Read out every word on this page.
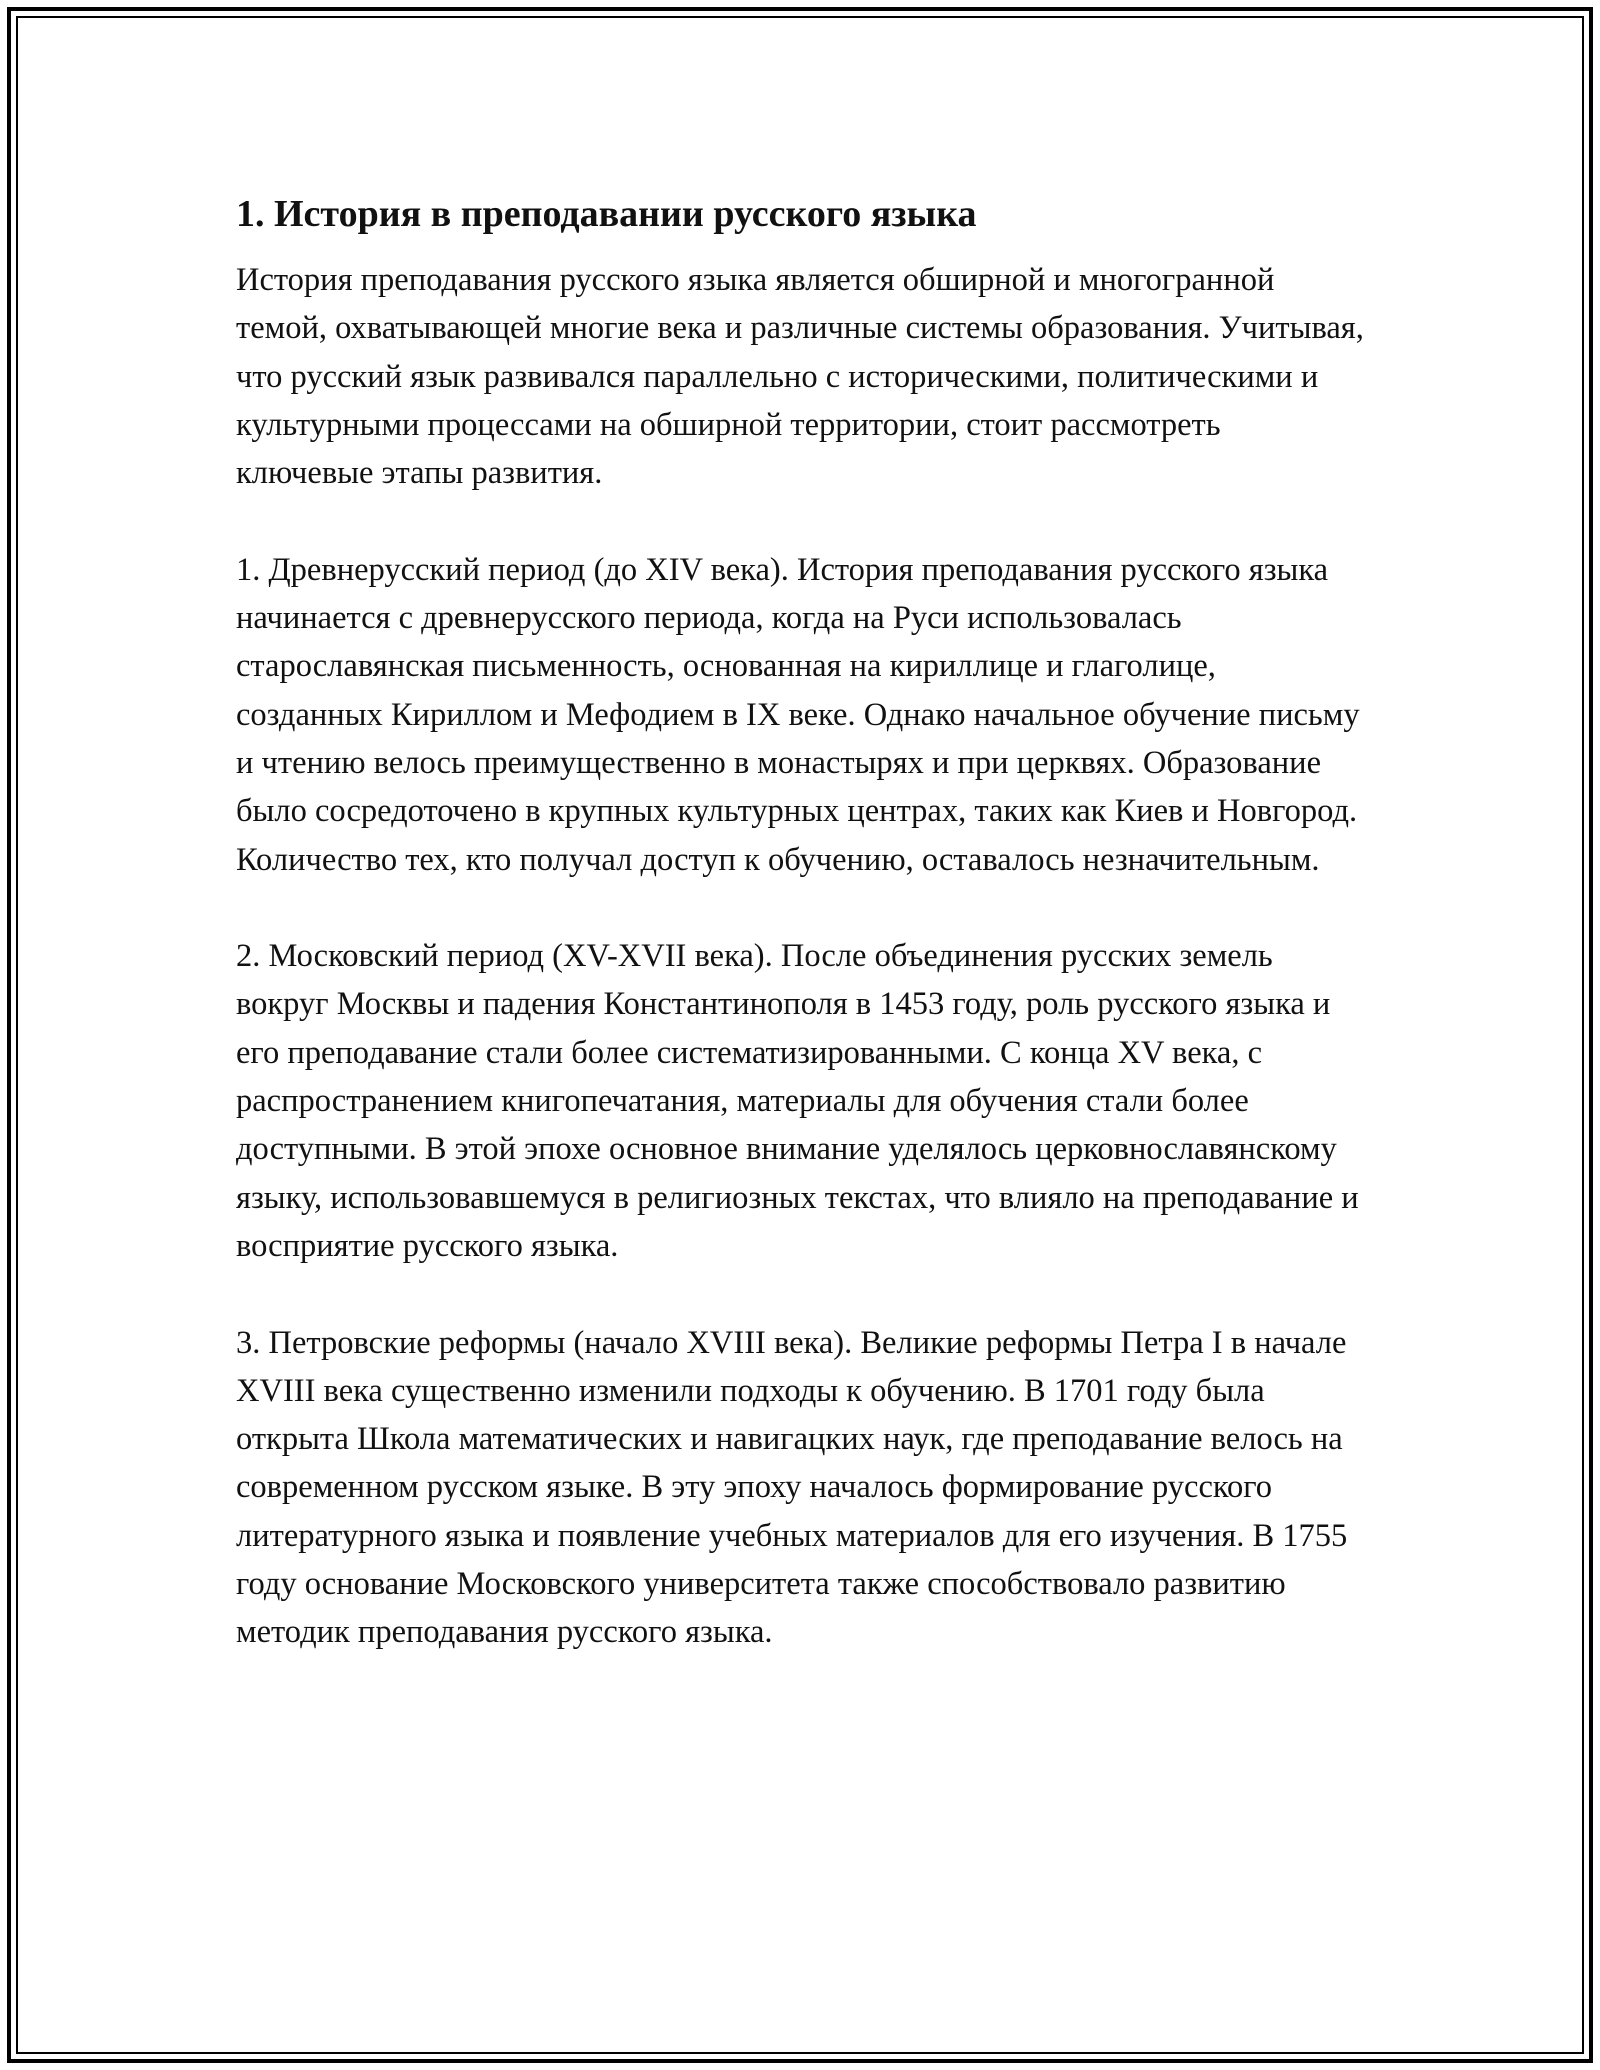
1. История в преподавании русского языка

История преподавания русского языка является обширной и многогранной темой, охватывающей многие века и различные системы образования. Учитывая, что русский язык развивался параллельно с историческими, политическими и культурными процессами на обширной территории, стоит рассмотреть ключевые этапы развития.

1. Древнерусский период (до XIV века). История преподавания русского языка начинается с древнерусского периода, когда на Руси использовалась старославянская письменность, основанная на кириллице и глаголице, созданных Кириллом и Мефодием в IX веке. Однако начальное обучение письму и чтению велось преимущественно в монастырях и при церквях. Образование было сосредоточено в крупных культурных центрах, таких как Киев и Новгород. Количество тех, кто получал доступ к обучению, оставалось незначительным.

2. Московский период (XV-XVII века). После объединения русских земель вокруг Москвы и падения Константинополя в 1453 году, роль русского языка и его преподавание стали более систематизированными. С конца XV века, с распространением книгопечатания, материалы для обучения стали более доступными. В этой эпохе основное внимание уделялось церковнославянскому языку, использовавшемуся в религиозных текстах, что влияло на преподавание и восприятие русского языка.

3. Петровские реформы (начало XVIII века). Великие реформы Петра I в начале XVIII века существенно изменили подходы к обучению. В 1701 году была открыта Школа математических и навигацких наук, где преподавание велось на современном русском языке. В эту эпоху началось формирование русского литературного языка и появление учебных материалов для его изучения. В 1755 году основание Московского университета также способствовало развитию методик преподавания русского языка.
